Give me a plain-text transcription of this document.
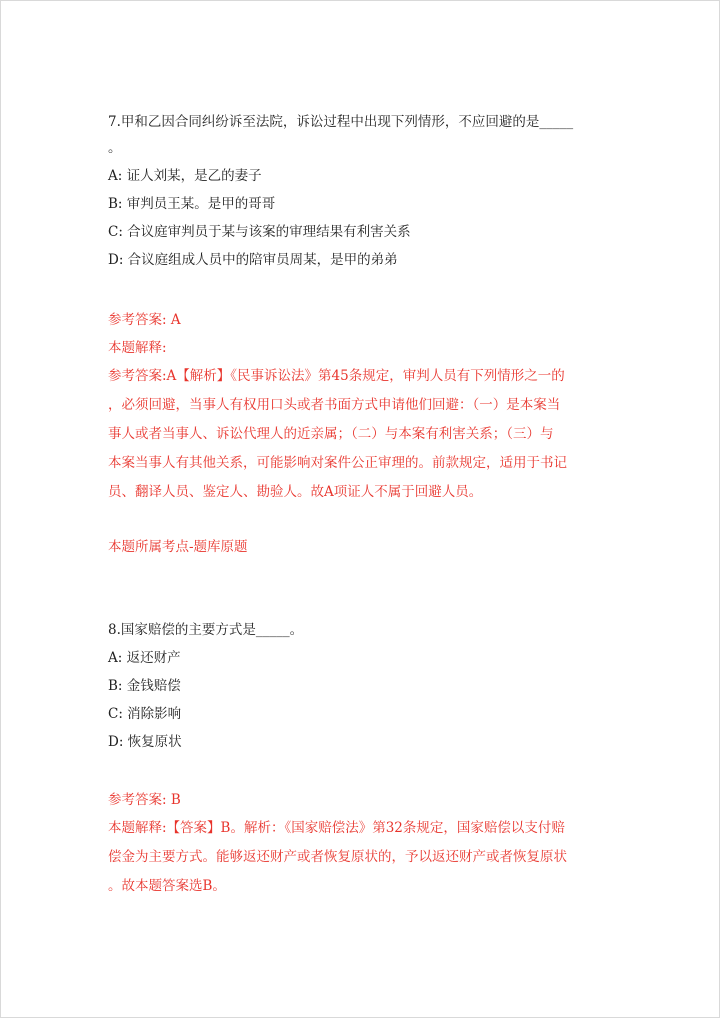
7.甲和乙因合同纠纷诉至法院，诉讼过程中出现下列情形，不应回避的是_____
。
A: 证人刘某，是乙的妻子
B: 审判员王某。是甲的哥哥
C: 合议庭审判员于某与该案的审理结果有利害关系
D: 合议庭组成人员中的陪审员周某，是甲的弟弟
参考答案: A
本题解释:
参考答案:A【解析】《民事诉讼法》第45条规定，审判人员有下列情形之一的
，必须回避，当事人有权用口头或者书面方式申请他们回避：（一）是本案当
事人或者当事人、诉讼代理人的近亲属；（二）与本案有利害关系；（三）与
本案当事人有其他关系，可能影响对案件公正审理的。前款规定，适用于书记
员、翻译人员、鉴定人、勘验人。故A项证人不属于回避人员。
本题所属考点-题库原题
8.国家赔偿的主要方式是_____。
A: 返还财产
B: 金钱赔偿
C: 消除影响
D: 恢复原状
参考答案: B
本题解释:【答案】B。解析：《国家赔偿法》第32条规定，国家赔偿以支付赔
偿金为主要方式。能够返还财产或者恢复原状的，予以返还财产或者恢复原状
。故本题答案选B。
